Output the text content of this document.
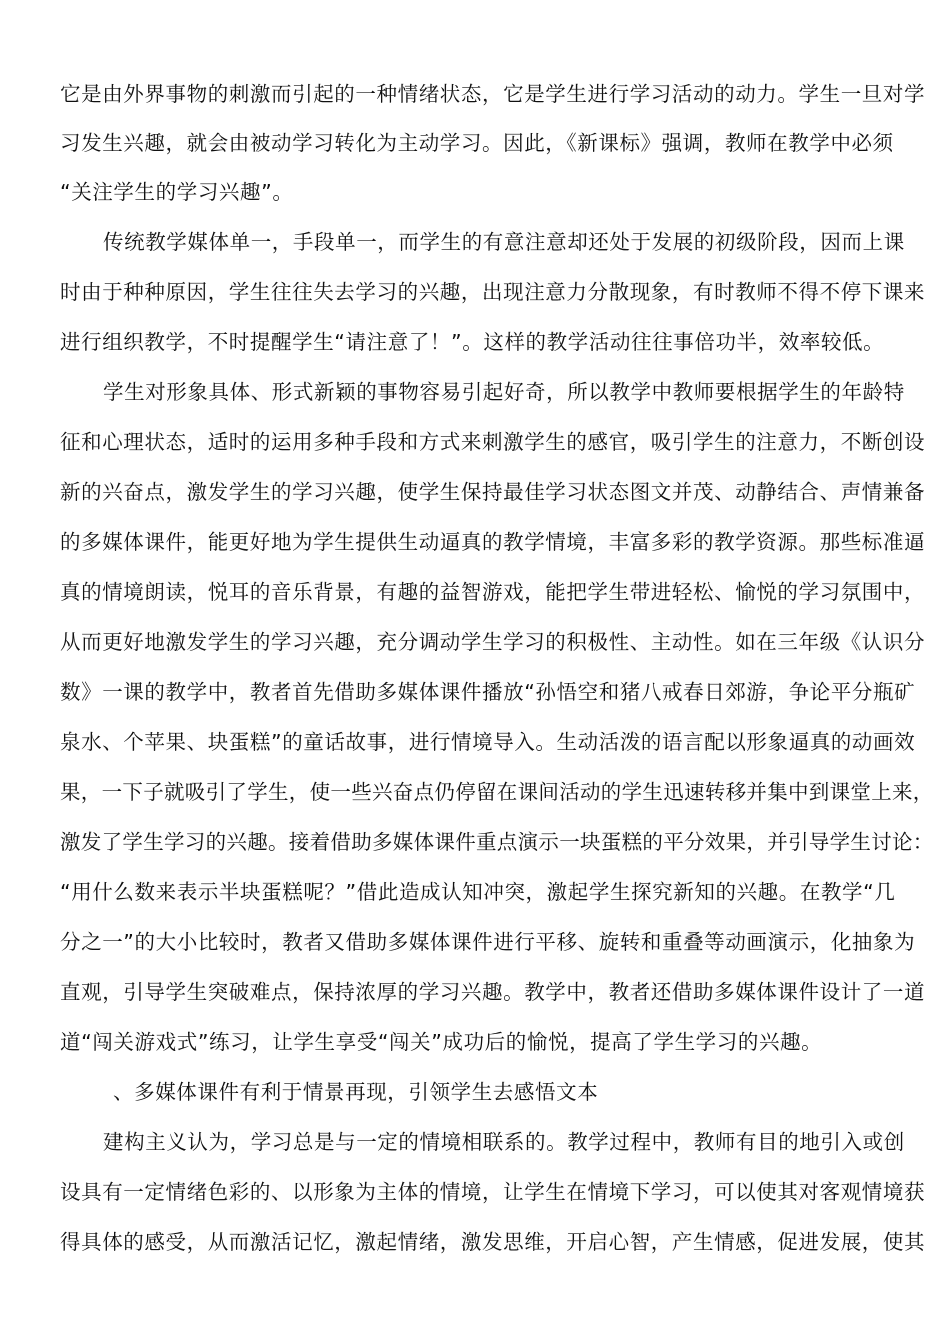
它是由外界事物的刺激而引起的一种情绪状态，它是学生进行学习活动的动力。学生一旦对学
习发生兴趣，就会由被动学习转化为主动学习。因此，《新课标》强调，教师在教学中必须
“关注学生的学习兴趣”。
传统教学媒体单一，手段单一，而学生的有意注意却还处于发展的初级阶段，因而上课
时由于种种原因，学生往往失去学习的兴趣，出现注意力分散现象，有时教师不得不停下课来
进行组织教学，不时提醒学生“请注意了！”。这样的教学活动往往事倍功半，效率较低。
学生对形象具体、形式新颖的事物容易引起好奇，所以教学中教师要根据学生的年龄特
征和心理状态，适时的运用多种手段和方式来刺激学生的感官，吸引学生的注意力，不断创设
新的兴奋点，激发学生的学习兴趣，使学生保持最佳学习状态图文并茂、动静结合、声情兼备
的多媒体课件，能更好地为学生提供生动逼真的教学情境，丰富多彩的教学资源。那些标准逼
真的情境朗读，悦耳的音乐背景，有趣的益智游戏，能把学生带进轻松、愉悦的学习氛围中，
从而更好地激发学生的学习兴趣，充分调动学生学习的积极性、主动性。如在三年级《认识分
数》一课的教学中，教者首先借助多媒体课件播放“孙悟空和猪八戒春日郊游，争论平分瓶矿
泉水、个苹果、块蛋糕”的童话故事，进行情境导入。生动活泼的语言配以形象逼真的动画效
果，一下子就吸引了学生，使一些兴奋点仍停留在课间活动的学生迅速转移并集中到课堂上来，
激发了学生学习的兴趣。接着借助多媒体课件重点演示一块蛋糕的平分效果，并引导学生讨论：
“用什么数来表示半块蛋糕呢？”借此造成认知冲突，激起学生探究新知的兴趣。在教学“几
分之一”的大小比较时，教者又借助多媒体课件进行平移、旋转和重叠等动画演示，化抽象为
直观，引导学生突破难点，保持浓厚的学习兴趣。教学中，教者还借助多媒体课件设计了一道
道“闯关游戏式”练习，让学生享受“闯关”成功后的愉悦，提高了学生学习的兴趣。
、多媒体课件有利于情景再现，引领学生去感悟文本
建构主义认为，学习总是与一定的情境相联系的。教学过程中，教师有目的地引入或创
设具有一定情绪色彩的、以形象为主体的情境，让学生在情境下学习，可以使其对客观情境获
得具体的感受，从而激活记忆，激起情绪，激发思维，开启心智，产生情感，促进发展，使其
